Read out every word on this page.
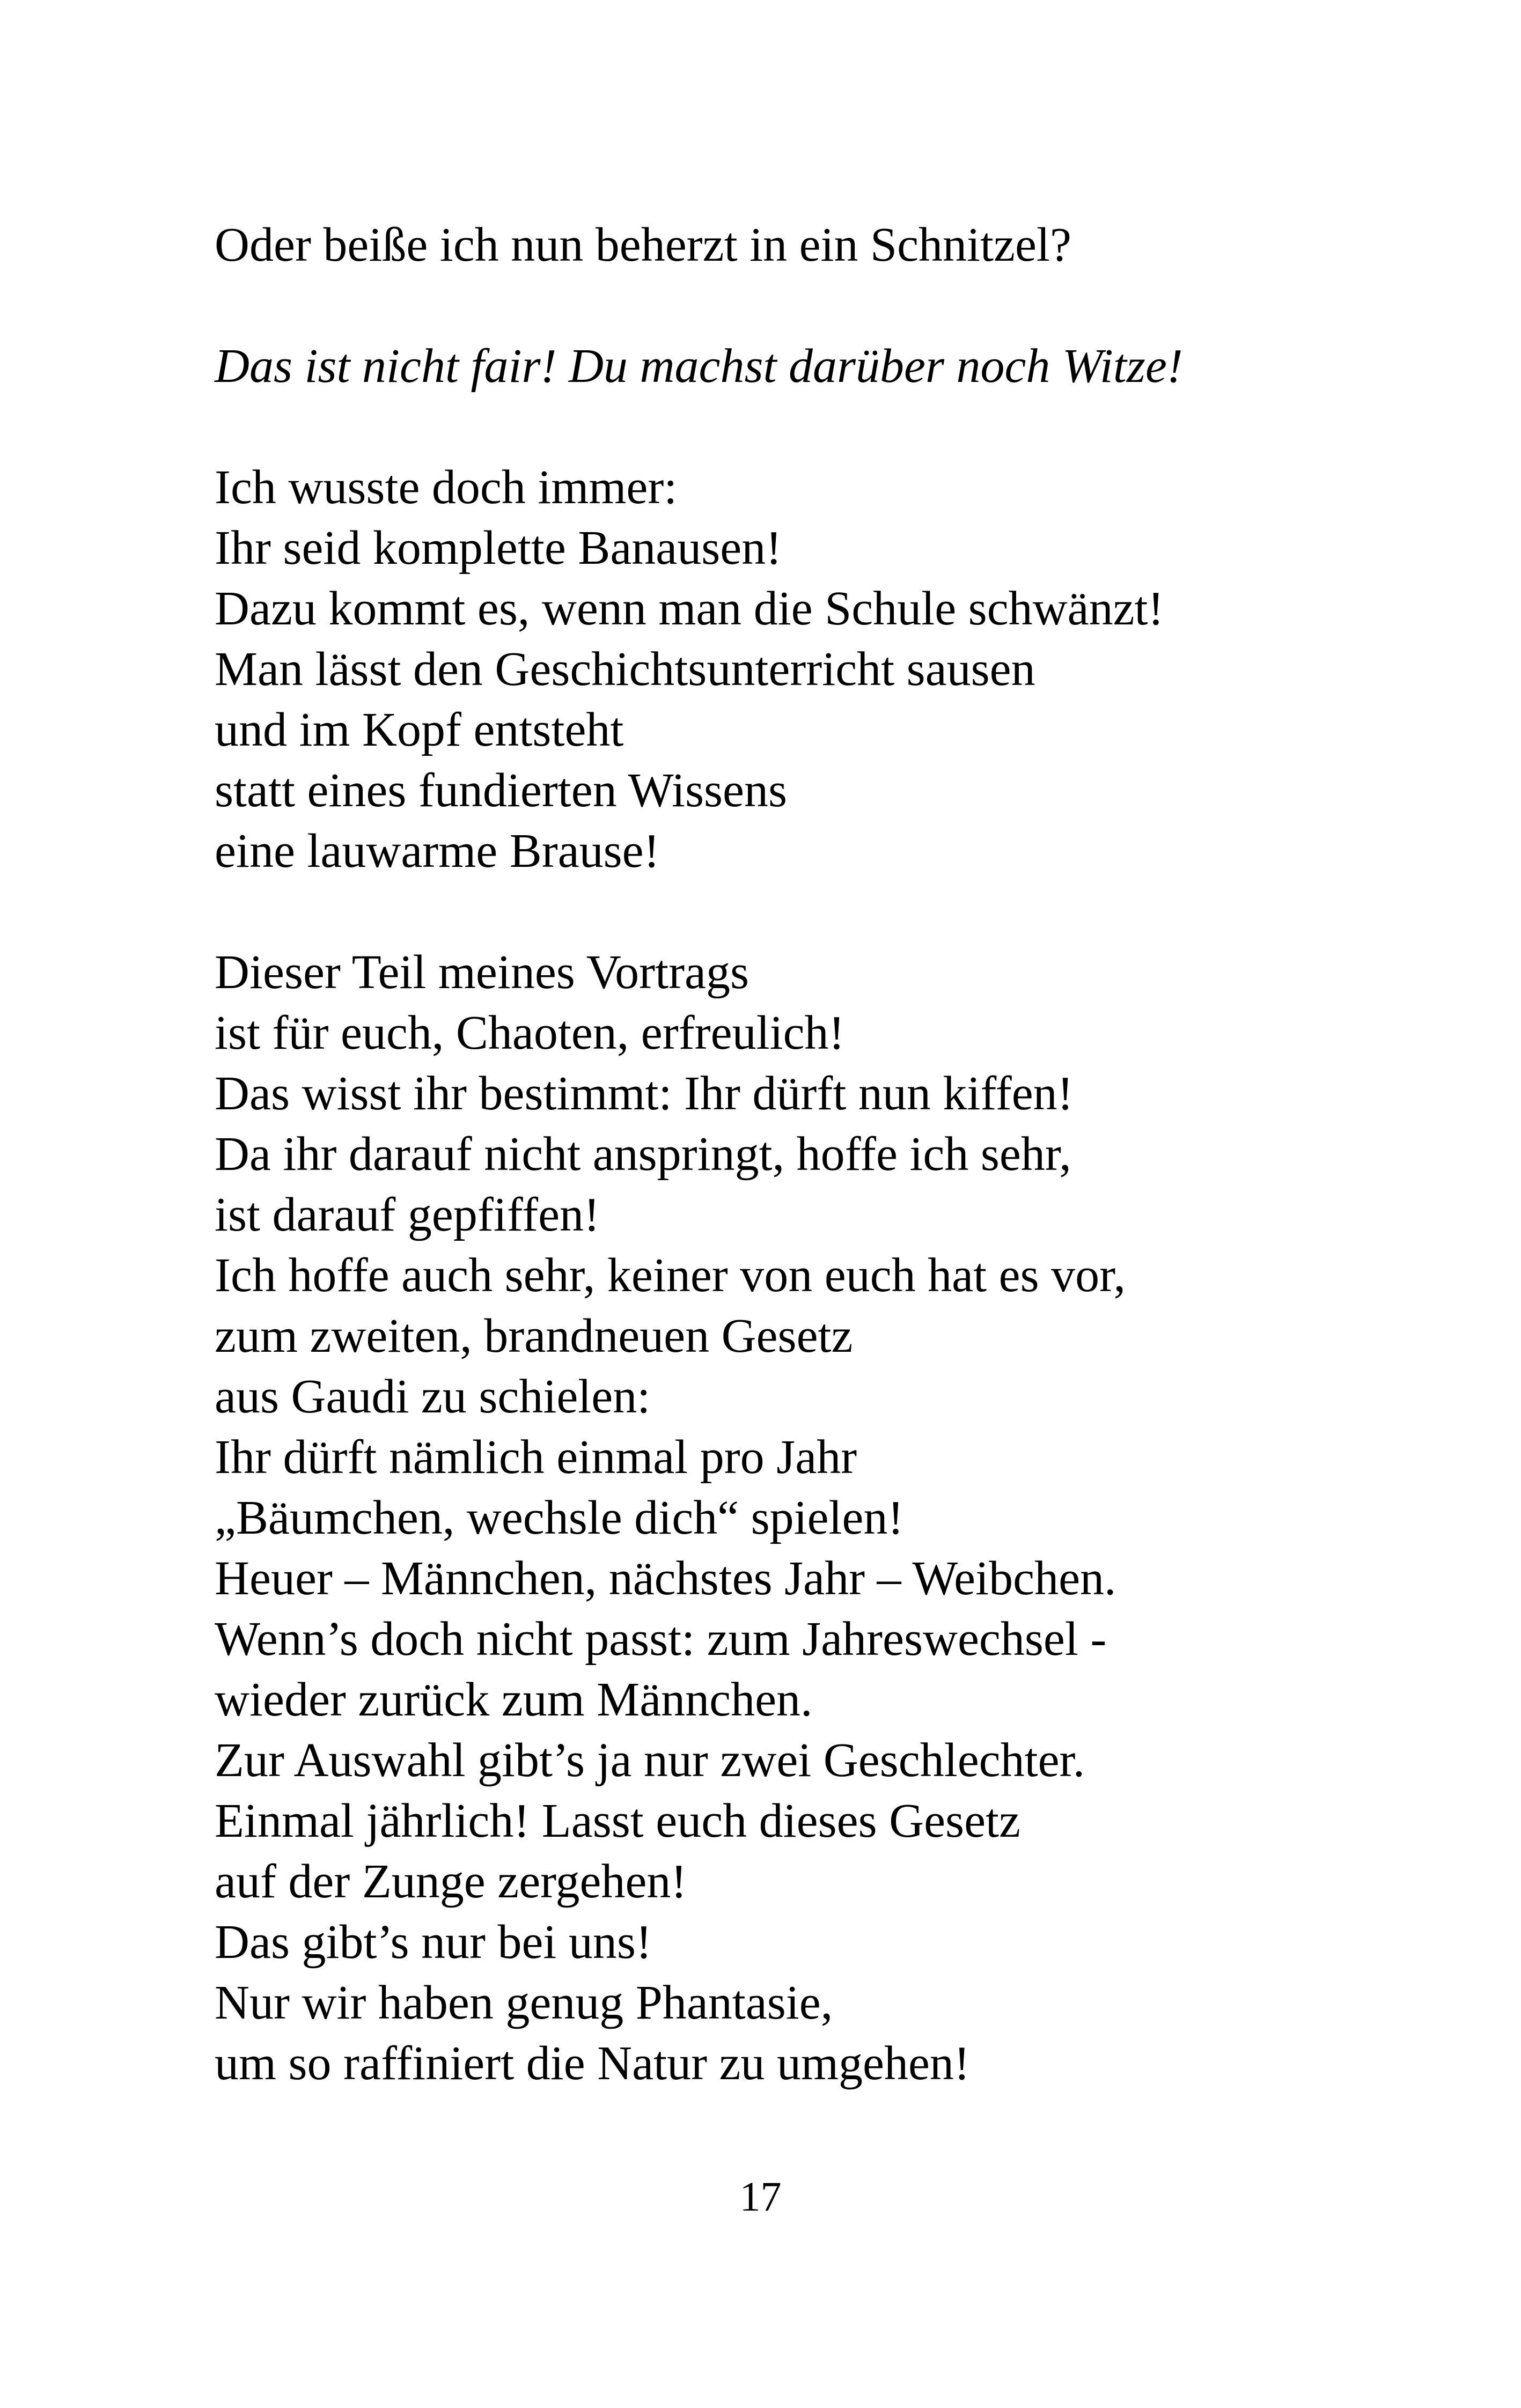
Oder beiße ich nun beherzt in ein Schnitzel?

Das ist nicht fair! Du machst darüber noch Witze!

Ich wusste doch immer:

Ihr seid komplette Banausen!

Dazu kommt es, wenn man die Schule schwänzt!

Man lässt den Geschichtsunterricht sausen

und im Kopf entsteht

statt eines fundierten Wissens

eine lauwarme Brause!

Dieser Teil meines Vortrags

ist für euch, Chaoten, erfreulich!

Das wisst ihr bestimmt: Ihr dürft nun kiffen!

Da ihr darauf nicht anspringt, hoffe ich sehr,

ist darauf gepfiffen!

Ich hoffe auch sehr, keiner von euch hat es vor,

zum zweiten, brandneuen Gesetz

aus Gaudi zu schielen:

Ihr dürft nämlich einmal pro Jahr

„Bäumchen, wechsle dich“ spielen!

Heuer – Männchen, nächstes Jahr – Weibchen.

Wenn’s doch nicht passt: zum Jahreswechsel -

wieder zurück zum Männchen.

Zur Auswahl gibt’s ja nur zwei Geschlechter.

Einmal jährlich! Lasst euch dieses Gesetz

auf der Zunge zergehen!

Das gibt’s nur bei uns!

Nur wir haben genug Phantasie,

um so raffiniert die Natur zu umgehen!

17
